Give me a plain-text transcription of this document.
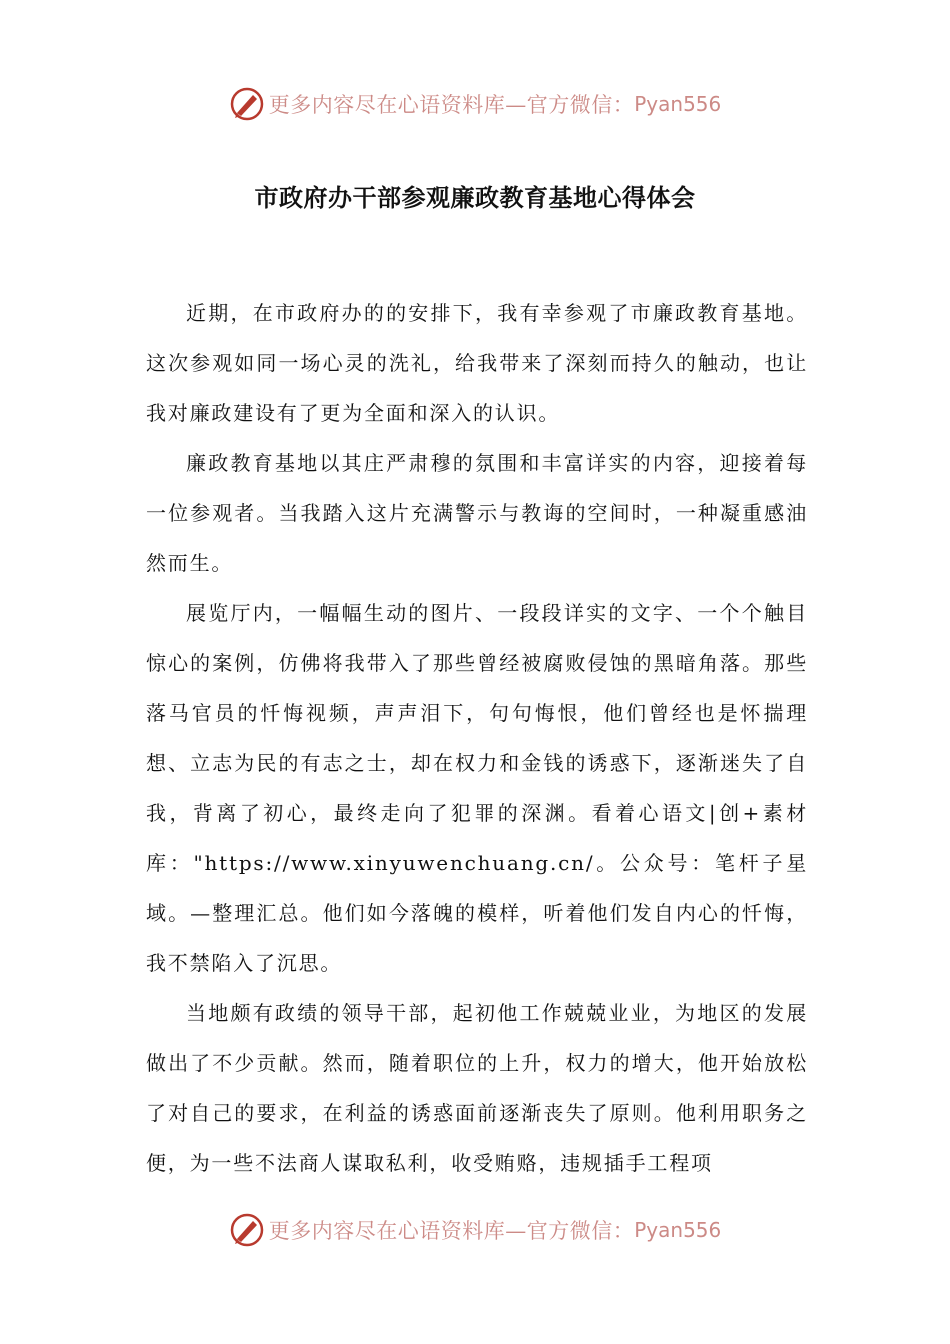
更多内容尽在心语资料库—官方微信： Pyan556
市政府办干部参观廉政教育基地心得体会

近期，在市政府办的的安排下，我有幸参观了市廉政教育基地。这次参观如同一场心灵的洗礼，给我带来了深刻而持久的触动，也让我对廉政建设有了更为全面和深入的认识。

廉政教育基地以其庄严肃穆的氛围和丰富详实的内容，迎接着每一位参观者。当我踏入这片充满警示与教诲的空间时，一种凝重感油然而生。

展览厅内，一幅幅生动的图片、一段段详实的文字、一个个触目惊心的案例，仿佛将我带入了那些曾经被腐败侵蚀的黑暗角落。那些落马官员的忏悔视频，声声泪下，句句悔恨，他们曾经也是怀揣理想、立志为民的有志之士，却在权力和金钱的诱惑下，逐渐迷失了自我，背离了初心，最终走向了犯罪的深渊。看着心语文|创+素材库："https://www.xinyuwenchuang.cn/。公众号：笔杆子星域。—整理汇总。他们如今落魄的模样，听着他们发自内心的忏悔，我不禁陷入了沉思。

当地颇有政绩的领导干部，起初他工作兢兢业业，为地区的发展做出了不少贡献。然而，随着职位的上升，权力的增大，他开始放松了对自己的要求，在利益的诱惑面前逐渐丧失了原则。他利用职务之便，为一些不法商人谋取私利，收受贿赂，违规插手工程项

更多内容尽在心语资料库—官方微信： Pyan556
